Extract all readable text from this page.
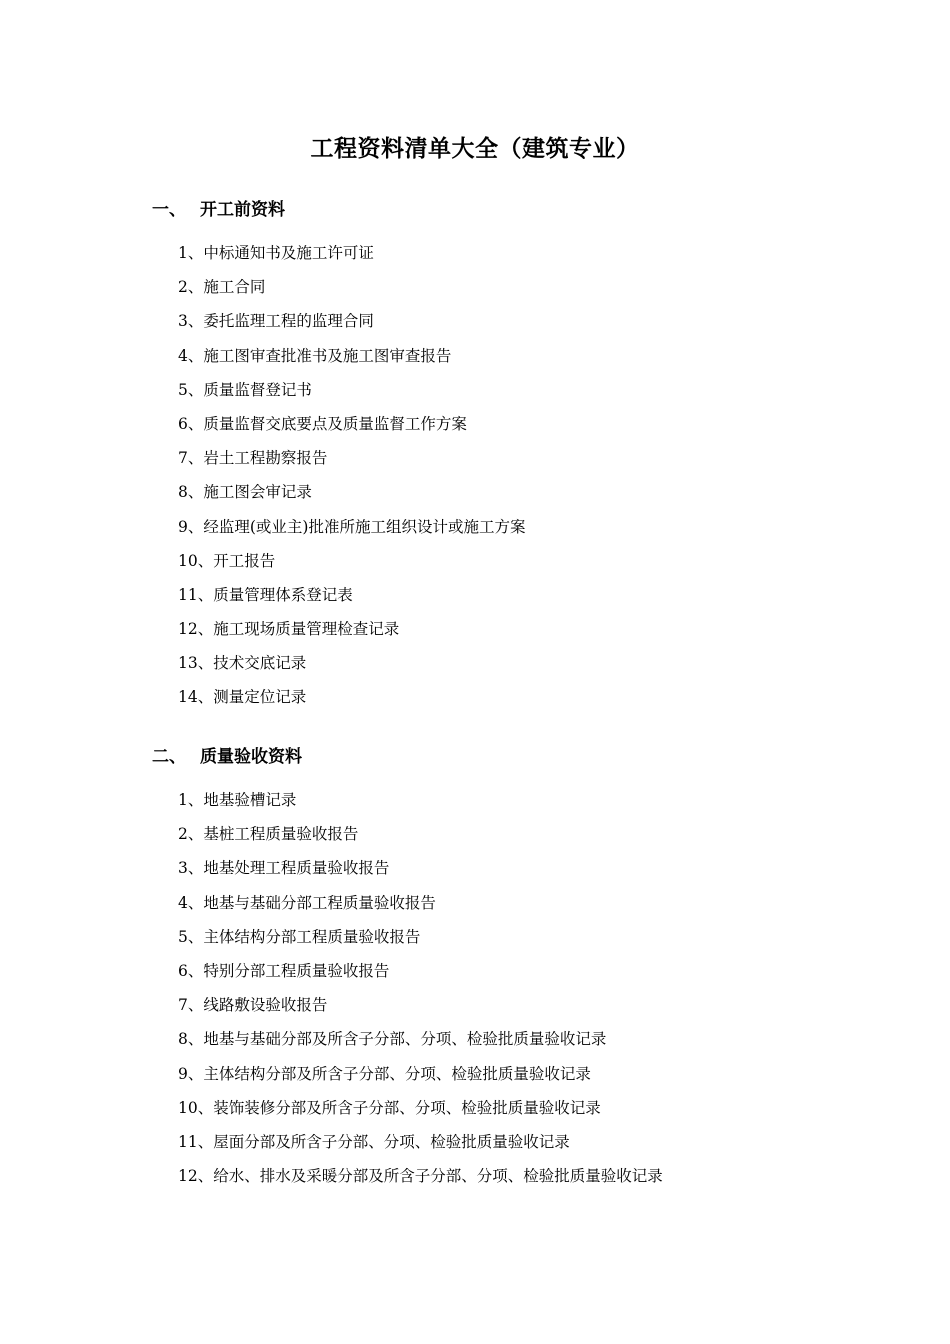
工程资料清单大全（建筑专业）
一、 开工前资料
1、中标通知书及施工许可证
2、施工合同
3、委托监理工程的监理合同
4、施工图审查批准书及施工图审查报告
5、质量监督登记书
6、质量监督交底要点及质量监督工作方案
7、岩土工程勘察报告
8、施工图会审记录
9、经监理(或业主)批准所施工组织设计或施工方案
10、开工报告
11、质量管理体系登记表
12、施工现场质量管理检查记录
13、技术交底记录
14、测量定位记录
二、 质量验收资料
1、地基验槽记录
2、基桩工程质量验收报告
3、地基处理工程质量验收报告
4、地基与基础分部工程质量验收报告
5、主体结构分部工程质量验收报告
6、特别分部工程质量验收报告
7、线路敷设验收报告
8、地基与基础分部及所含子分部、分项、检验批质量验收记录
9、主体结构分部及所含子分部、分项、检验批质量验收记录
10、装饰装修分部及所含子分部、分项、检验批质量验收记录
11、屋面分部及所含子分部、分项、检验批质量验收记录
12、给水、排水及采暖分部及所含子分部、分项、检验批质量验收记录
